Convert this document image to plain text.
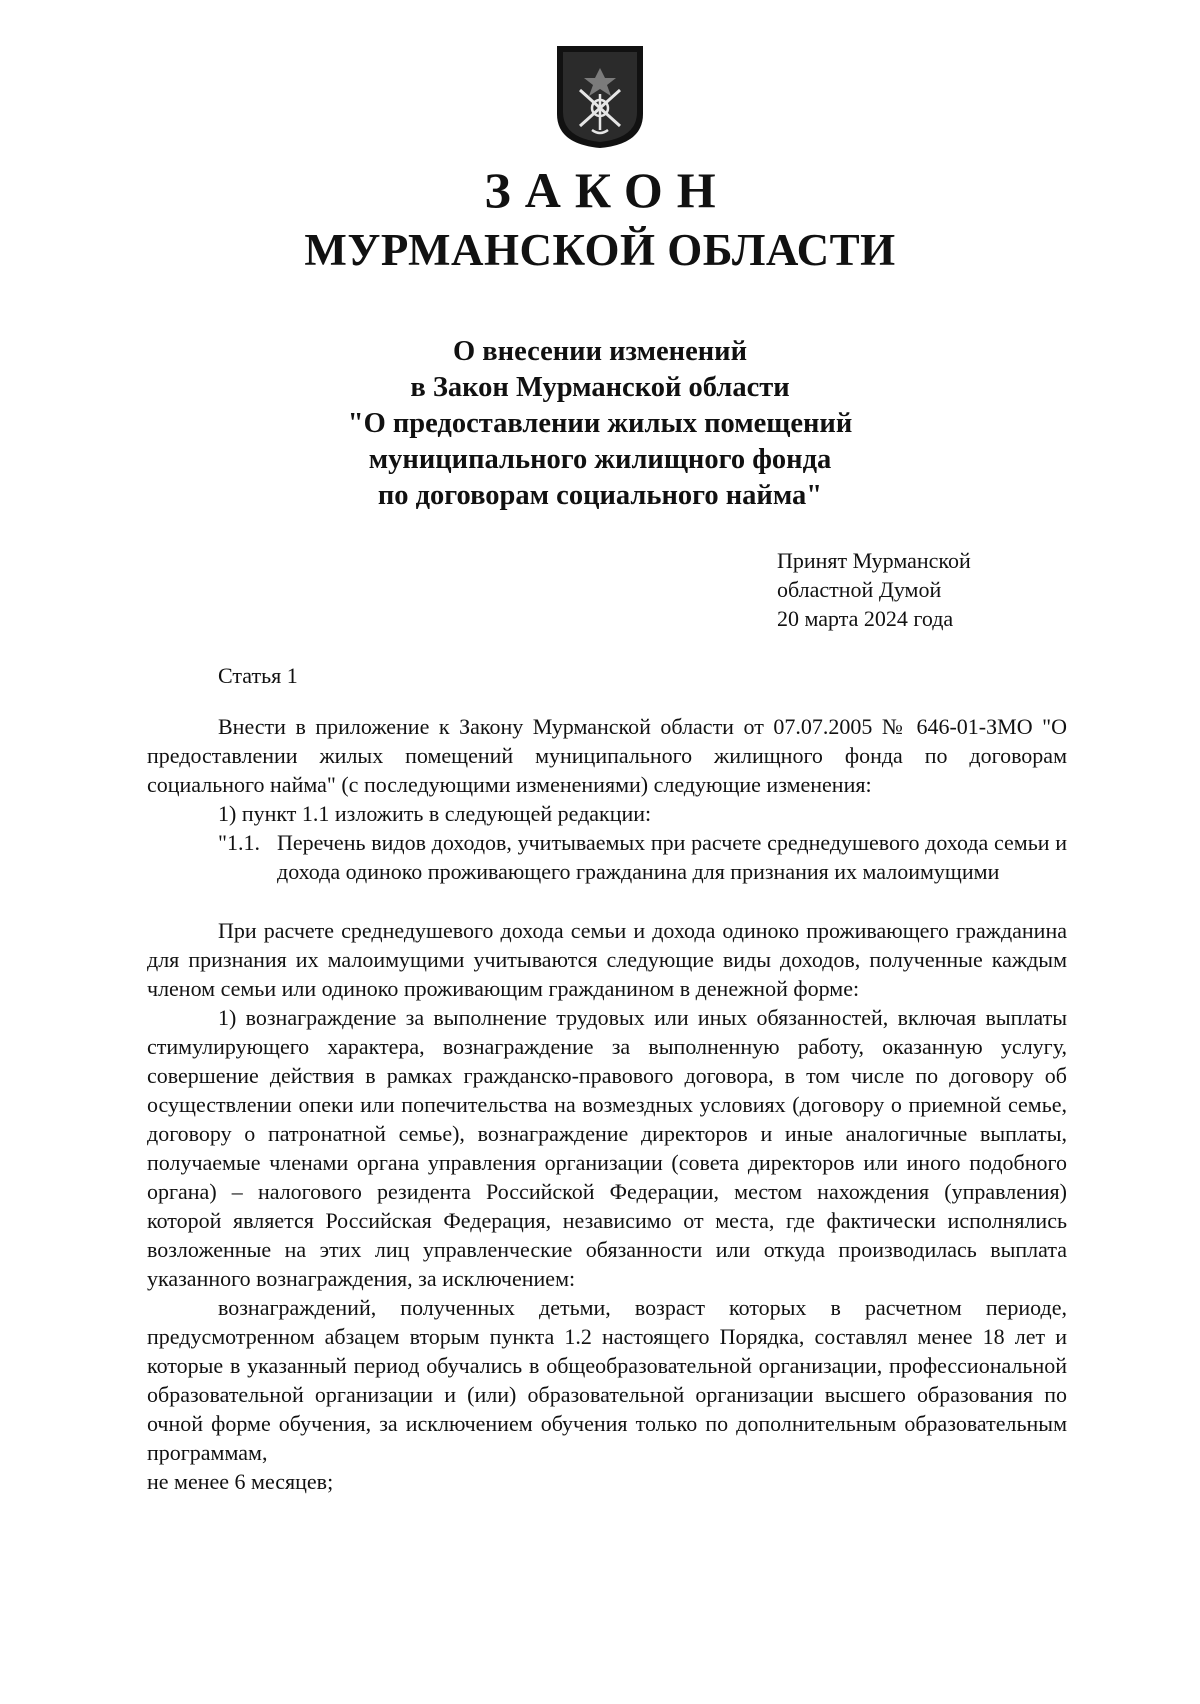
ЗАКОН
МУРМАНСКОЙ ОБЛАСТИ
О внесении изменений
в Закон Мурманской области
"О предоставлении жилых помещений
муниципального жилищного фонда
по договорам социального найма"
Принят Мурманской
областной Думой
20 марта 2024 года
Статья 1

Внести в приложение к Закону Мурманской области от 07.07.2005 № 646-01-ЗМО "О предоставлении жилых помещений муниципального жилищного фонда по договорам социального найма" (с последующими изменениями) следующие изменения:

1) пункт 1.1 изложить в следующей редакции:

"1.1. Перечень видов доходов, учитываемых при расчете среднедушевого дохода семьи и дохода одиноко проживающего гражданина для признания их малоимущими

При расчете среднедушевого дохода семьи и дохода одиноко проживающего гражданина для признания их малоимущими учитываются следующие виды доходов, полученные каждым членом семьи или одиноко проживающим гражданином в денежной форме:

1) вознаграждение за выполнение трудовых или иных обязанностей, включая выплаты стимулирующего характера, вознаграждение за выполненную работу, оказанную услугу, совершение действия в рамках гражданско-правового договора, в том числе по договору об осуществлении опеки или попечительства на возмездных условиях (договору о приемной семье, договору о патронатной семье), вознаграждение директоров и иные аналогичные выплаты, получаемые членами органа управления организации (совета директоров или иного подобного органа) – налогового резидента Российской Федерации, местом нахождения (управления) которой является Российская Федерация, независимо от места, где фактически исполнялись возложенные на этих лиц управленческие обязанности или откуда производилась выплата указанного вознаграждения, за исключением:

вознаграждений, полученных детьми, возраст которых в расчетном периоде, предусмотренном абзацем вторым пункта 1.2 настоящего Порядка, составлял менее 18 лет и которые в указанный период обучались в общеобразовательной организации, профессиональной образовательной организации и (или) образовательной организации высшего образования по очной форме обучения, за исключением обучения только по дополнительным образовательным программам,

не менее 6 месяцев;
